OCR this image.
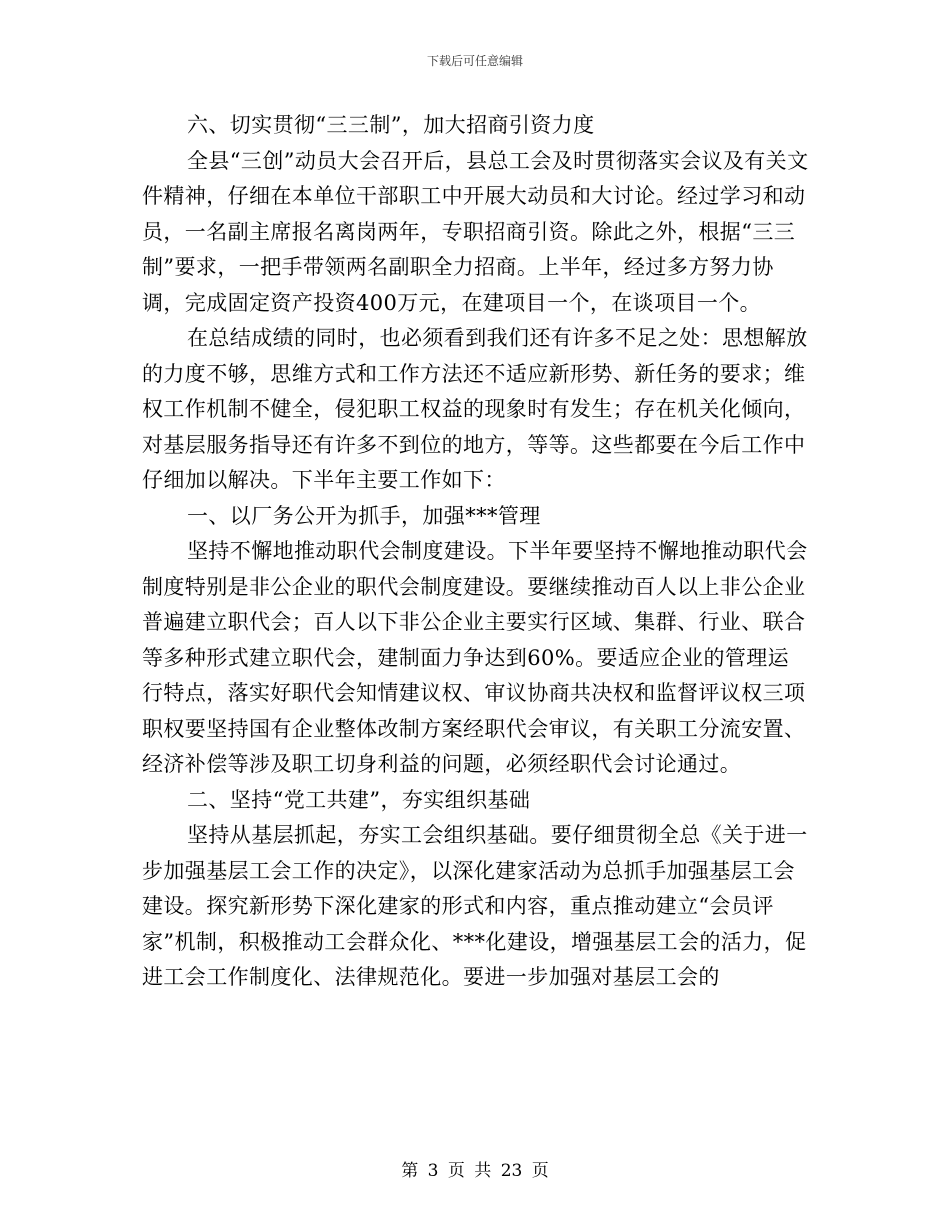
下载后可任意编辑

六、切实贯彻“三三制”，加大招商引资力度

全县“三创”动员大会召开后，县总工会及时贯彻落实会议及有关文件精神，仔细在本单位干部职工中开展大动员和大讨论。经过学习和动员，一名副主席报名离岗两年，专职招商引资。除此之外，根据“三三制”要求，一把手带领两名副职全力招商。上半年，经过多方努力协调，完成固定资产投资400万元，在建项目一个，在谈项目一个。

在总结成绩的同时，也必须看到我们还有许多不足之处：思想解放的力度不够，思维方式和工作方法还不适应新形势、新任务的要求；维权工作机制不健全，侵犯职工权益的现象时有发生；存在机关化倾向，对基层服务指导还有许多不到位的地方，等等。这些都要在今后工作中仔细加以解决。下半年主要工作如下：

一、以厂务公开为抓手，加强***管理

坚持不懈地推动职代会制度建设。下半年要坚持不懈地推动职代会制度特别是非公企业的职代会制度建设。要继续推动百人以上非公企业普遍建立职代会；百人以下非公企业主要实行区域、集群、行业、联合等多种形式建立职代会，建制面力争达到60%。要适应企业的管理运行特点，落实好职代会知情建议权、审议协商共决权和监督评议权三项职权要坚持国有企业整体改制方案经职代会审议，有关职工分流安置、经济补偿等涉及职工切身利益的问题，必须经职代会讨论通过。

二、坚持“党工共建”，夯实组织基础

坚持从基层抓起，夯实工会组织基础。要仔细贯彻全总《关于进一步加强基层工会工作的决定》，以深化建家活动为总抓手加强基层工会建设。探究新形势下深化建家的形式和内容，重点推动建立“会员评家”机制，积极推动工会群众化、***化建设，增强基层工会的活力，促进工会工作制度化、法律规范化。要进一步加强对基层工会的

第 3 页 共 23 页
